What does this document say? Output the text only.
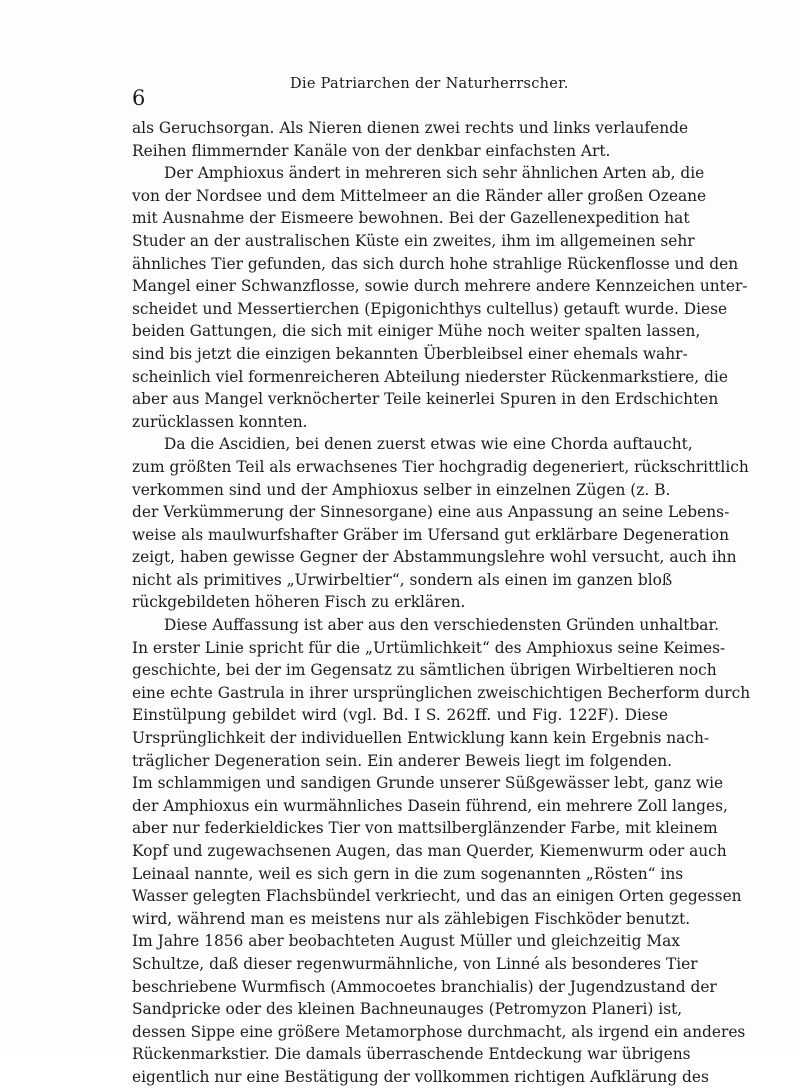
6
Die Patriarchen der Naturherrscher.

als Geruchsorgan. Als Nieren dienen zwei rechts und links verlaufende
Reihen flimmernder Kanäle von der denkbar einfachsten Art.

Der Amphioxus ändert in mehreren sich sehr ähnlichen Arten ab, die
von der Nordsee und dem Mittelmeer an die Ränder aller großen Ozeane
mit Ausnahme der Eismeere bewohnen. Bei der Gazellenexpedition hat
Studer an der australischen Küste ein zweites, ihm im allgemeinen sehr
ähnliches Tier gefunden, das sich durch hohe strahlige Rückenflosse und den
Mangel einer Schwanzflosse, sowie durch mehrere andere Kennzeichen unter-
scheidet und Messertierchen (Epigonichthys cultellus) getauft wurde. Diese
beiden Gattungen, die sich mit einiger Mühe noch weiter spalten lassen,
sind bis jetzt die einzigen bekannten Überbleibsel einer ehemals wahr-
scheinlich viel formenreicheren Abteilung niederster Rückenmarkstiere, die
aber aus Mangel verknöcherter Teile keinerlei Spuren in den Erdschichten
zurücklassen konnten.

Da die Ascidien, bei denen zuerst etwas wie eine Chorda auftaucht,
zum größten Teil als erwachsenes Tier hochgradig degeneriert, rückschrittlich
verkommen sind und der Amphioxus selber in einzelnen Zügen (z. B.
der Verkümmerung der Sinnesorgane) eine aus Anpassung an seine Lebens-
weise als maulwurfshafter Gräber im Ufersand gut erklärbare Degeneration
zeigt, haben gewisse Gegner der Abstammungslehre wohl versucht, auch ihn
nicht als primitives „Urwirbeltier“, sondern als einen im ganzen bloß
rückgebildeten höheren Fisch zu erklären.

Diese Auffassung ist aber aus den verschiedensten Gründen unhaltbar.
In erster Linie spricht für die „Urtümlichkeit“ des Amphioxus seine Keimes-
geschichte, bei der im Gegensatz zu sämtlichen übrigen Wirbeltieren noch
eine echte Gastrula in ihrer ursprünglichen zweischichtigen Becherform durch
Einstülpung gebildet wird (vgl. Bd. I S. 262ff. und Fig. 122F). Diese
Ursprünglichkeit der individuellen Entwicklung kann kein Ergebnis nach-
träglicher Degeneration sein. Ein anderer Beweis liegt im folgenden.
Im schlammigen und sandigen Grunde unserer Süßgewässer lebt, ganz wie
der Amphioxus ein wurmähnliches Dasein führend, ein mehrere Zoll langes,
aber nur federkieldickes Tier von mattsilberglänzender Farbe, mit kleinem
Kopf und zugewachsenen Augen, das man Querder, Kiemenwurm oder auch
Leinaal nannte, weil es sich gern in die zum sogenannten „Rösten“ ins
Wasser gelegten Flachsbündel verkriecht, und das an einigen Orten gegessen
wird, während man es meistens nur als zählebigen Fischköder benutzt.
Im Jahre 1856 aber beobachteten August Müller und gleichzeitig Max
Schultze, daß dieser regenwurmähnliche, von Linné als besonderes Tier
beschriebene Wurmfisch (Ammocoetes branchialis) der Jugendzustand der
Sandpricke oder des kleinen Bachneunauges (Petromyzon Planeri) ist,
dessen Sippe eine größere Metamorphose durchmacht, als irgend ein anderes
Rückenmarkstier. Die damals überraschende Entdeckung war übrigens
eigentlich nur eine Bestätigung der vollkommen richtigen Aufklärung des
